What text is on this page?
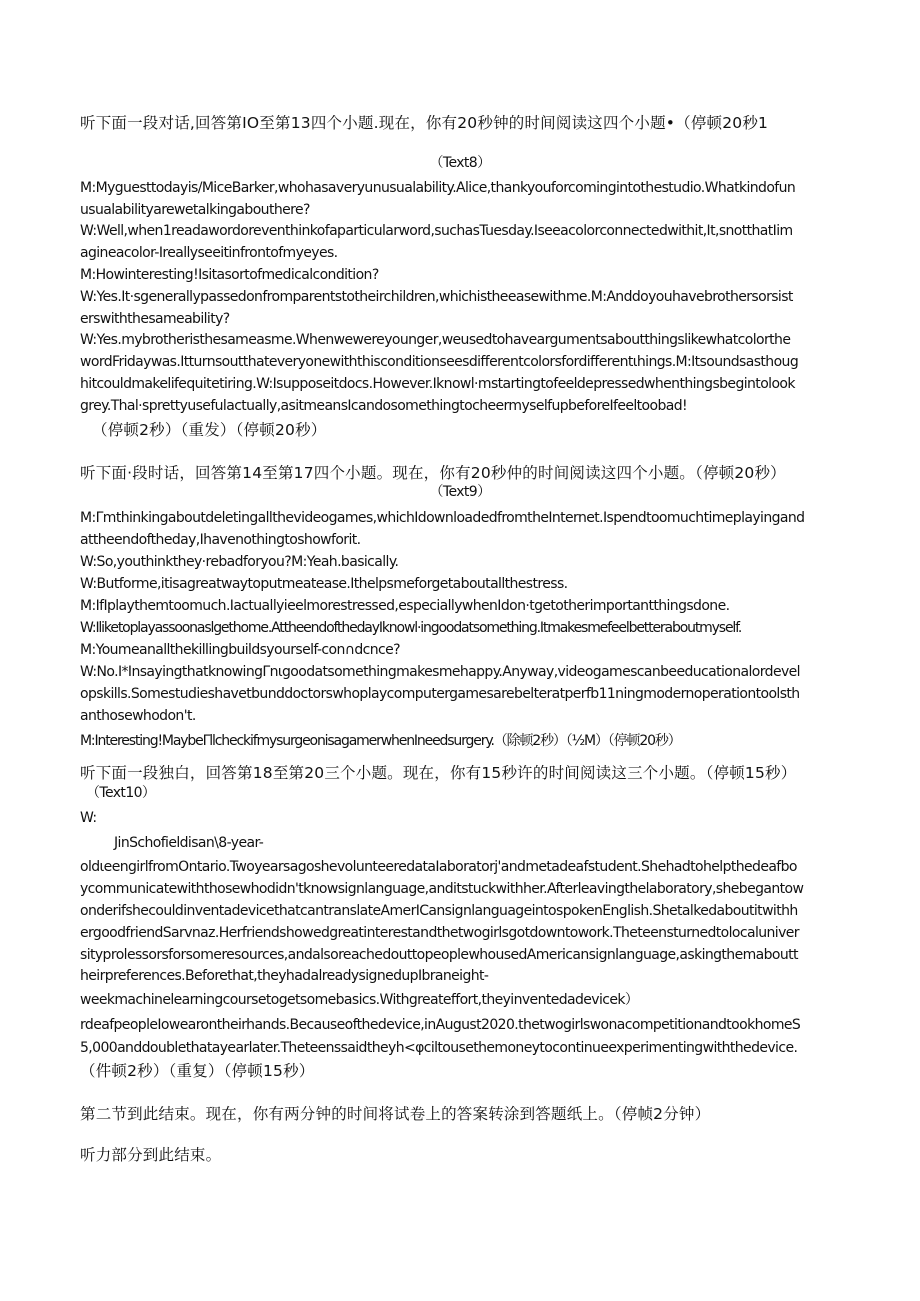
听下面一段对话,回答第IO至第13四个小题.现在，你有20秒钟的时间阅读这四个小题•（停顿20秒1
（Text8）
M:Myguesttodayis/MiceBarker,whohasaveryunusualability.Alice,thankyouforcomingintothestudio.Whatkindofun
usualabilityarewetalkingabouthere?
W:Well,when1readawordoreventhinkofaparticularword,suchasTuesday.Iseeacolorconnectedwithit,It,snotthatIim
agineacolor-Ireallyseeitinfrontofmyeyes.
M:Howinteresting!Isitasortofmedicalcondition?
W:Yes.It·sgenerallypassedonfromparentstotheirchildren,whichistheeasewithme.M:Anddoyouhavebrothersorsist
erswiththesameability?
W:Yes.mybrotheristhesameasme.Whenwewereyounger,weusedtohaveargumentsaboutthingslikewhatcolorthe
wordFridaywas.Itturnsoutthateveryonewiththisconditionseesdifferentcolorsfordifferentιhings.M:Itsoundsasthoug
hitcouldmakelifequitetiring.W:Isupposeitdocs.However.Iknowl·mstartingtofeeldepressedwhenthingsbegintolook
grey.Thal·sprettyusefulactually,asitmeansIcandosomethingtocheermyselfupbeforeIfeeltoobad!
（停顿2秒）（重发）（停顿20秒）
听下面·段时话，回答第14至第17四个小题。现在，你有20秒仲的时间阅读这四个小题。（停顿20秒）
（Text9）
M:Γmthinkingaboutdeletingallthevideogames,whichIdownloadedfromtheInternet.Ispendtoomuchtimeplayingand
attheendoftheday,Ihavenothingtoshowforit.
W:So,youthinkthey·rebadforyou?M:Yeah.basically.
W:Butforme,itisagreatwaytoputmeatease.Ithelpsmeforgetaboutallthestress.
M:IfIplaythemtoomuch.Iactuallyieelmorestressed,especiallywhenIdon·tgetotherimportantthingsdone.
W:Iliketoplayassoonaslgethome.AttheendofthedayIknowl·ingoodatsomething.Itmakesmefeelbetteraboutmyself.
M:Youmeanallthekillingbuildsyourself-con∩dcnce?
W:No.I*InsayingthatknowingΓnιgoodatsomethingmakesmehappy.Anyway,videogamescanbeeducationalordevel
opskills.Somestudieshavetbunddoctorswhoplaycomputergamesarebelteratperfb11ningmodernoperationtoolsth
anthosewhodon't.
M:Interesting!MaybeΓllcheckifmysurgeonisagamerwhenIneedsurgery.（除顿2秒）（½M）（停顿20秒）
听下面一段独白，回答第18至第20三个小题。现在，你有15秒许的时间阅读这三个小题。（停顿15秒）
（Text10）
W:
JinSchofieldisan\8-year-
oldιeengirlfromOntario.TwoyearsagoshevolunteeredataIaboratorj'andmetadeafstudent.Shehadtohelpthedeafbo
ycommunicatewiththosewhodidn'tknowsignlanguage,anditstuckwithher.Afterleavingthelaboratory,shebegantow
onderifshecouldinventadevicethatcantranslateAmerICansignlanguageintospokenEnglish.Shetalkedaboutitwithh
ergoodfriendSarvnaz.Herfriendshowedgreatinterestandthetwogirlsgotdowntowork.Theteensturnedtolocaluniver
sityprolessorsforsomeresources,andalsoreachedouttopeoplewhousedAmericansignlanguage,askingthemaboutt
heirpreferences.Beforethat,theyhadalreadysignedupIbraneight-
weekmachinelearningcoursetogetsomebasics.Withgreateffort,theyinventedadevicek）
rdeafpeopleIowearontheirhands.Becauseofthedevice,inAugust2020.thetwogirlswonacompetitionandtookhomeS
5,000anddoublethatayearlater.Theteenssaidtheyh<φciltousethemoneytocontinueexperimentingwiththedevice.
（件顿2秒）（重复）（停顿15秒）
第二节到此结束。现在，你有两分钟的时间将试卷上的答案转涂到答题纸上。（停帧2分钟）
听力部分到此结束。
